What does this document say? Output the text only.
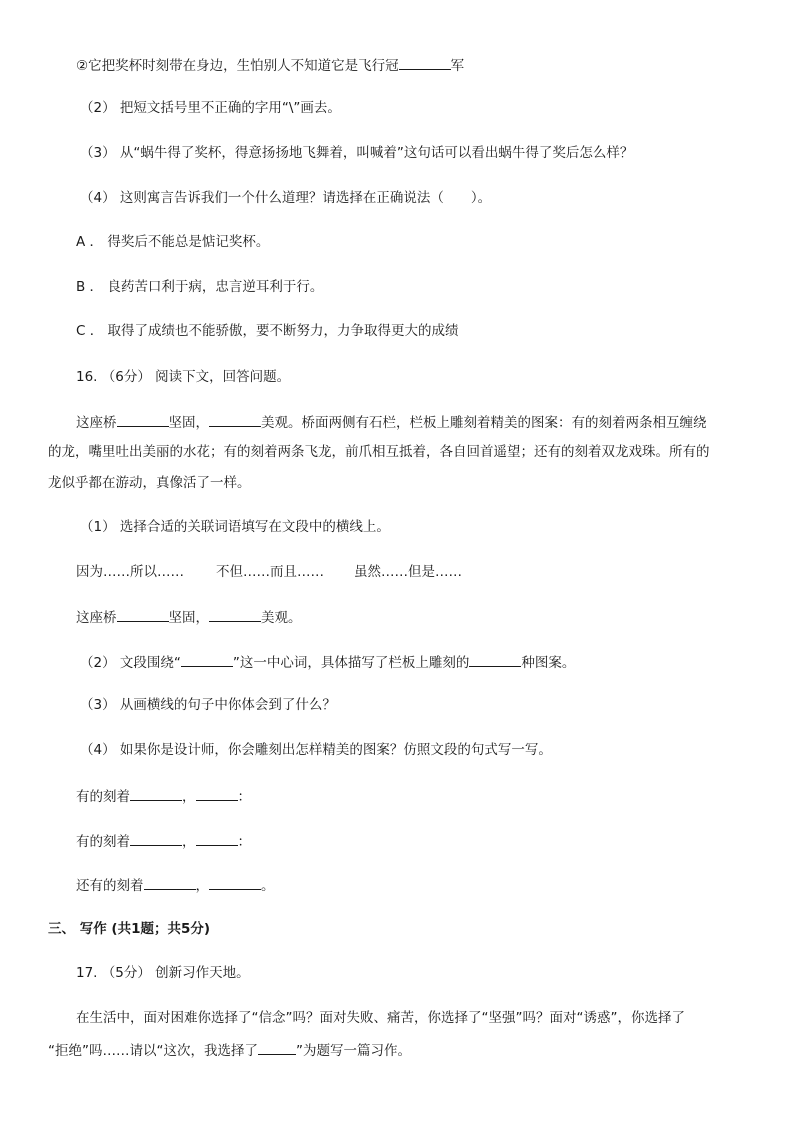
②它把奖杯时刻带在身边，生怕别人不知道它是飞行冠	军
（2） 把短文括号里不正确的字用“\”画去。
（3） 从“蜗牛得了奖杯，得意扬扬地飞舞着，叫喊着”这句话可以看出蜗牛得了奖后怎么样？
（4） 这则寓言告诉我们一个什么道理？请选择在正确说法（　　）。
A ． 得奖后不能总是惦记奖杯。
B ． 良药苦口利于病，忠言逆耳利于行。
C ． 取得了成绩也不能骄傲，要不断努力，力争取得更大的成绩
16. （6分） 阅读下文，回答问题。
这座桥	坚固，	美观。桥面两侧有石栏，栏板上雕刻着精美的图案：有的刻着两条相互缠绕
的龙，嘴里吐出美丽的水花；有的刻着两条飞龙，前爪相互抵着，各自回首遥望；还有的刻着双龙戏珠。所有的
龙似乎都在游动，真像活了一样。
（1） 选择合适的关联词语填写在文段中的横线上。
因为……所以…… 不但……而且…… 虽然……但是……
这座桥	坚固，	美观。
（2） 文段围绕“	”这一中心词，具体描写了栏板上雕刻的	种图案。
（3） 从画横线的句子中你体会到了什么？
（4） 如果你是设计师，你会雕刻出怎样精美的图案？仿照文段的句式写一写。
有的刻着	，	：
有的刻着	，	：
还有的刻着	，	。
三、 写作 (共1题；共5分)
17. （5分） 创新习作天地。
在生活中，面对困难你选择了“信念”吗？面对失败、痛苦，你选择了“坚强”吗？面对“诱惑”，你选择了
“拒绝”吗……请以“这次，我选择了	”为题写一篇习作。
